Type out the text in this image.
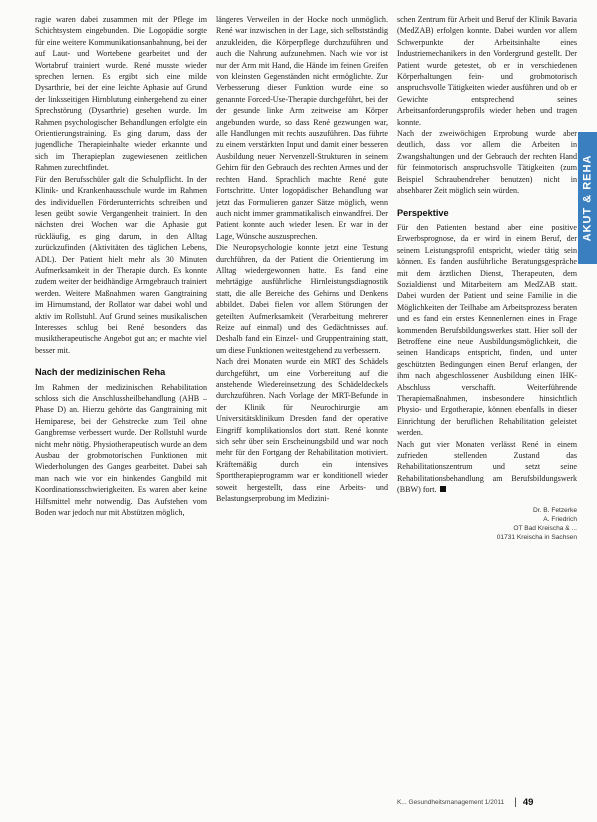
ragie waren dabei zusammen mit der Pflege im Schichtsystem eingebunden. Die Logopädie sorgte für eine weitere Kommunikationsanbahnung, bei der auf Laut- und Wortebene gearbeitet und der Wortabruf trainiert wurde. René musste wieder sprechen lernen. Es ergibt sich eine milde Dysarthrie, bei der eine leichte Aphasie auf Grund der linksseitigen Hirnblutung einhergehend zu einer Sprechstörung (Dysarthrie) gesehen wurde. Im Rahmen psychologischer Behandlungen erfolgte ein Orientierungstraining. Es ging darum, dass der jugendliche Therapieinhalte wieder erkannte und sich im Therapieplan zugewiesenen zeitlichen Rahmen zurechtfindet.

Für den Berufsschüler galt die Schulpflicht. In der Klinik- und Krankenhausschule wurde im Rahmen des individuellen Förderunterrichts schreiben und lesen geübt sowie Vergangenheit trainiert. In den nächsten drei Wochen war die Aphasie gut rückläufig, es ging darum, in den Alltag zurückzufinden (Aktivitäten des täglichen Lebens, ADL). Der Patient hielt mehr als 30 Minuten Aufmerksamkeit in der Therapie durch. Es konnte zudem weiter der beidhändige Armgebrauch trainiert werden. Weitere Maßnahmen waren Gangtraining im Hirnumstand, der Rollator war dabei wohl und aktiv im Rollstuhl. Auf Grund seines musikalischen Interesses schlug bei René besonders das musiktherapeutische Angebot gut an; er machte viel besser mit.

Nach der medizinischen Reha

Im Rahmen der medizinischen Rehabilitation schloss sich die Anschlussheilbehandlung (AHB – Phase D) an. Hierzu gehörte das Gangtraining mit Hemiparese, bei der Gehstrecke zum Teil ohne Gangbremse verbessert wurde. Der Rollstuhl wurde nicht mehr nötig. Physiotherapeutisch wurde an dem Ausbau der grobmotorischen Funktionen mit Wiederholungen des Ganges gearbeitet. Dabei sah man nach wie vor ein hinkendes Gangbild mit Koordinationsschwierigkeiten. Es waren aber keine Hilfsmittel mehr notwendig. Das Aufstehen vom Boden war jedoch nur mit Abstützen möglich,

längeres Verweilen in der Hocke noch unmöglich. René war inzwischen in der Lage, sich selbstständig anzukleiden, die Körperpflege durchzuführen und auch die Nahrung aufzunehmen. Nach wie vor ist nur der Arm mit Hand, die Hände im feinen Greifen von kleinsten Gegenständen nicht ermöglichte. Zur Verbesserung dieser Funktion wurde eine so genannte Forced-Use-Therapie durchgeführt, bei der der gesunde linke Arm zeitweise am Körper angebunden wurde, so dass René gezwungen war, alle Handlungen mit rechts auszuführen. Das führte zu einem verstärkten Input und damit einer besseren Ausbildung neuer Nervenzell-Strukturen in seinem Gehirn für den Gebrauch des rechten Armes und der rechten Hand. Sprachlich machte René gute Fortschritte. Unter logopädischer Behandlung war jetzt das Formulieren ganzer Sätze möglich, wenn auch nicht immer grammatikalisch einwandfrei. Der Patient konnte auch wieder lesen. Er war in der Lage, Wünsche auszusprechen.

Die Neuropsychologie konnte jetzt eine Testung durchführen, da der Patient die Orientierung im Alltag wiedergewonnen hatte. Es fand eine mehrtägige ausführliche Hirnleistungsdiagnostik statt, die alle Bereiche des Gehirns und Denkens abbildet. Dabei fielen vor allem Störungen der geteilten Aufmerksamkeit (Verarbeitung mehrerer Reize auf einmal) und des Gedächtnisses auf. Deshalb fand ein Einzel- und Gruppentraining statt, um diese Funktionen weitestgehend zu verbessern.

Nach drei Monaten wurde ein MRT des Schädels durchgeführt, um eine Vorbereitung auf die anstehende Wiedereinsetzung des Schädeldeckels durchzuführen. Nach Vorlage der MRT-Befunde in der Klinik für Neurochirurgie am Universitätsklinikum Dresden fand der operative Eingriff komplikationslos dort statt. René konnte sich sehr über sein Erscheinungsbild und war noch mehr für den Fortgang der Rehabilitation motiviert. Kräftemäßig durch ein intensives Sporttherapieprogramm war er konditionell wieder soweit hergestellt, dass eine Arbeits- und Belastungserprobung im Medizini-

schen Zentrum für Arbeit und Beruf der Klinik Bavaria (MedZAB) erfolgen konnte. Dabei wurden vor allem Schwerpunkte der Arbeitsinhalte eines Industriemechanikers in den Vordergrund gestellt. Der Patient wurde getestet, ob er in verschiedenen Körperhaltungen fein- und grobmotorisch anspruchsvolle Tätigkeiten wieder ausführen und ob er Gewichte entsprechend seines Arbeitsanforderungsprofils wieder heben und tragen konnte.

Nach der zweiwöchigen Erprobung wurde aber deutlich, dass vor allem die Arbeiten in Zwangshaltungen und der Gebrauch der rechten Hand für feinmotorisch anspruchsvolle Tätigkeiten (zum Beispiel Schraubendreher benutzen) nicht in absehbarer Zeit möglich sein würden.

Perspektive

Für den Patienten bestand aber eine positive Erwerbsprognose, da er wird in einem Beruf, der seinem Leistungsprofil entspricht, wieder tätig sein können. Es fanden ausführliche Beratungsgespräche mit dem ärztlichen Dienst, Therapeuten, dem Sozialdienst und Mitarbeitern am MedZAB statt. Dabei wurden der Patient und seine Familie in die Möglichkeiten der Teilhabe am Arbeitsprozess beraten und es fand ein erstes Kennenlernen eines in Frage kommenden Berufsbildungswerkes statt. Hier soll der Betroffene eine neue Ausbildungsmöglichkeit, die seinen Handicaps entspricht, finden, und unter geschützten Bedingungen einen Beruf erlangen, der ihm nach abgeschlossener Ausbildung einen IHK-Abschluss verschafft. Weiterführende Therapiemaßnahmen, insbesondere hinsichtlich Physio- und Ergotherapie, können ebenfalls in dieser Einrichtung der beruflichen Rehabilitation geleistet werden.

Nach gut vier Monaten verlässt René in einem zufrieden stellenden Zustand das Rehabilitationszentrum und setzt seine Rehabilitationsbehandlung am Berufsbildungswerk (BBW) fort.

Dr. B. Fetzerke
A. Friedrich
OT Bad Kreischa & ...
01731 Kreischa in Sachsen
AKUT & REHA
K... Gesundheitsmanagement 1/2011 | 49
